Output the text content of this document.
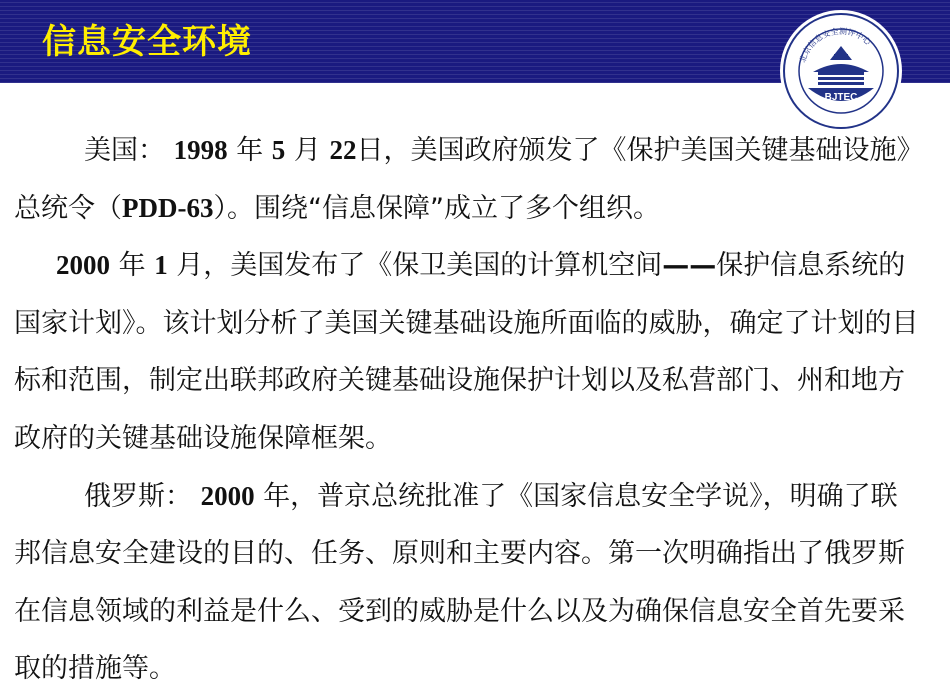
信息安全环境	北京信息安全测评中心
BJTEC

美国： 1998 年 5 月 22日，美国政府颁发了《保护美国关键基础设施》总统令（PDD-63）。围绕“信息保障”成立了多个组织。

2000 年 1 月，美国发布了《保卫美国的计算机空间——保护信息系统的国家计划》。该计划分析了美国关键基础设施所面临的威胁，确定了计划的目标和范围，制定出联邦政府关键基础设施保护计划以及私营部门、州和地方政府的关键基础设施保障框架。

俄罗斯： 2000 年，普京总统批准了《国家信息安全学说》，明确了联邦信息安全建设的目的、任务、原则和主要内容。第一次明确指出了俄罗斯在信息领域的利益是什么、受到的威胁是什么以及为确保信息安全首先要采取的措施等。
